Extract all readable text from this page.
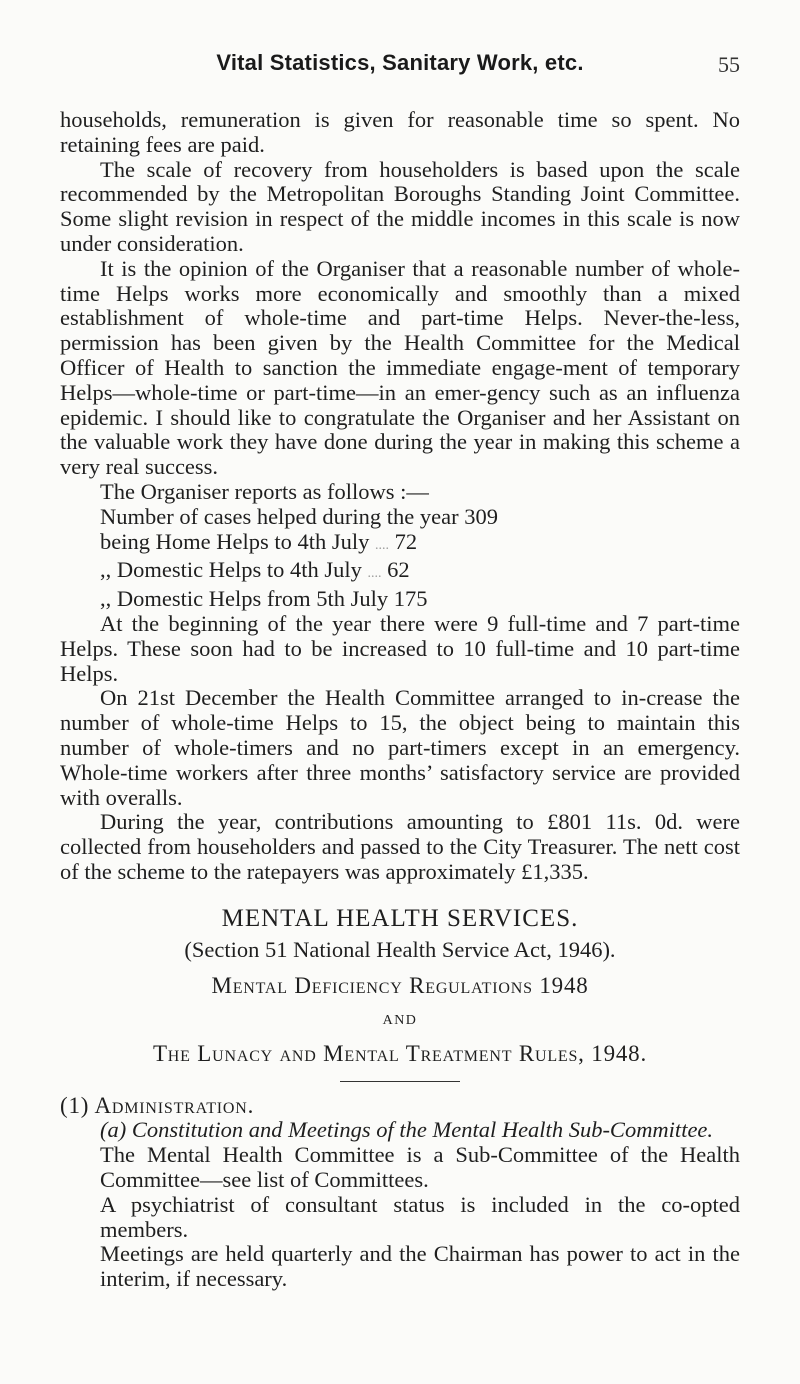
Vital Statistics, Sanitary Work, etc.	55

households, remuneration is given for reasonable time so spent. No retaining fees are paid.

The scale of recovery from householders is based upon the scale recommended by the Metropolitan Boroughs Standing Joint Committee. Some slight revision in respect of the middle incomes in this scale is now under consideration.

It is the opinion of the Organiser that a reasonable number of whole-time Helps works more economically and smoothly than a mixed establishment of whole-time and part-time Helps. Never-the-less, permission has been given by the Health Committee for the Medical Officer of Health to sanction the immediate engage-ment of temporary Helps—whole-time or part-time—in an emer-gency such as an influenza epidemic. I should like to congratulate the Organiser and her Assistant on the valuable work they have done during the year in making this scheme a very real success.

The Organiser reports as follows :—

Number of cases helped during the year 309
being Home Helps to 4th July .... 72
,, Domestic Helps to 4th July .... 62
,, Domestic Helps from 5th July 175

At the beginning of the year there were 9 full-time and 7 part-time Helps. These soon had to be increased to 10 full-time and 10 part-time Helps.

On 21st December the Health Committee arranged to in-crease the number of whole-time Helps to 15, the object being to maintain this number of whole-timers and no part-timers except in an emergency. Whole-time workers after three months’ satisfactory service are provided with overalls.

During the year, contributions amounting to £801 11s. 0d. were collected from householders and passed to the City Treasurer. The nett cost of the scheme to the ratepayers was approximately £1,335.

MENTAL HEALTH SERVICES.
(Section 51 National Health Service Act, 1946).
Mental Deficiency Regulations 1948
AND
The Lunacy and Mental Treatment Rules, 1948.
(1) Administration.

(a) Constitution and Meetings of the Mental Health Sub-Committee.

The Mental Health Committee is a Sub-Committee of the Health Committee—see list of Committees.

A psychiatrist of consultant status is included in the co-opted members.

Meetings are held quarterly and the Chairman has power to act in the interim, if necessary.
